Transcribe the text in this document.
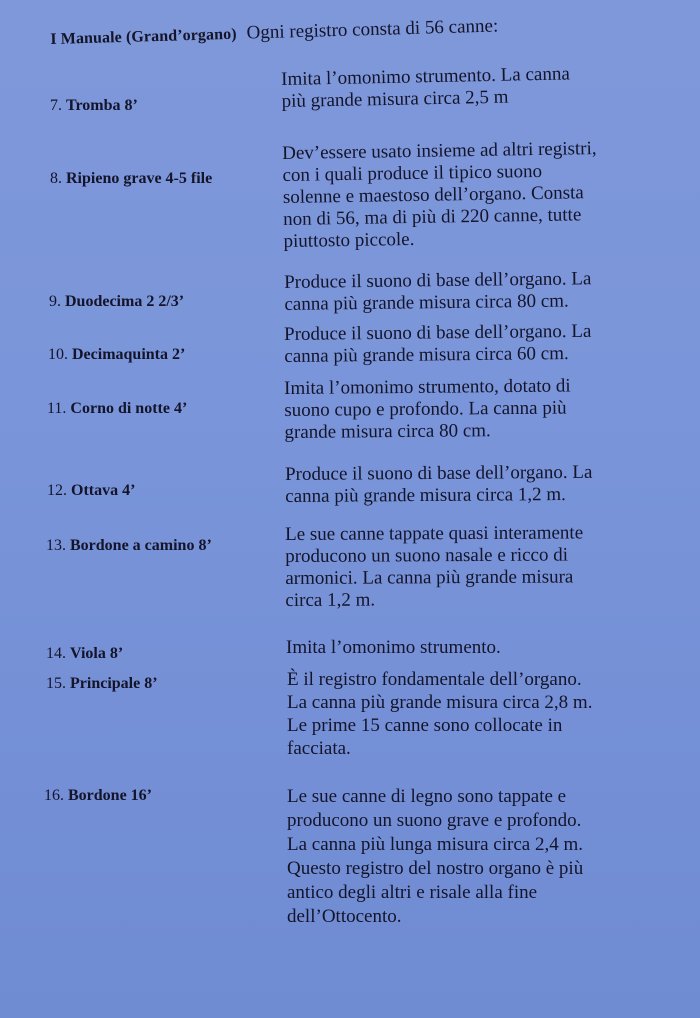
I Manuale (Grand’organo) Ogni registro consta di 56 canne:
7. Tromba 8’
Imita l’omonimo strumento. La canna
più grande misura circa 2,5 m
8. Ripieno grave 4-5 file
Dev’essere usato insieme ad altri registri,
con i quali produce il tipico suono
solenne e maestoso dell’organo. Consta
non di 56, ma di più di 220 canne, tutte
piuttosto piccole.
9. Duodecima 2 2/3’
Produce il suono di base dell’organo. La
canna più grande misura circa 80 cm.
10. Decimaquinta 2’
Produce il suono di base dell’organo. La
canna più grande misura circa 60 cm.
11. Corno di notte 4’
Imita l’omonimo strumento, dotato di
suono cupo e profondo. La canna più
grande misura circa 80 cm.
12. Ottava 4’
Produce il suono di base dell’organo. La
canna più grande misura circa 1,2 m.
13. Bordone a camino 8’
Le sue canne tappate quasi interamente
producono un suono nasale e ricco di
armonici. La canna più grande misura
circa 1,2 m.
14. Viola 8’	Imita l’omonimo strumento.
15. Principale 8’	È il registro fondamentale dell’organo.
La canna più grande misura circa 2,8 m.
Le prime 15 canne sono collocate in
facciata.
16. Bordone 16’	Le sue canne di legno sono tappate e
producono un suono grave e profondo.
La canna più lunga misura circa 2,4 m.
Questo registro del nostro organo è più
antico degli altri e risale alla fine
dell’Ottocento.
